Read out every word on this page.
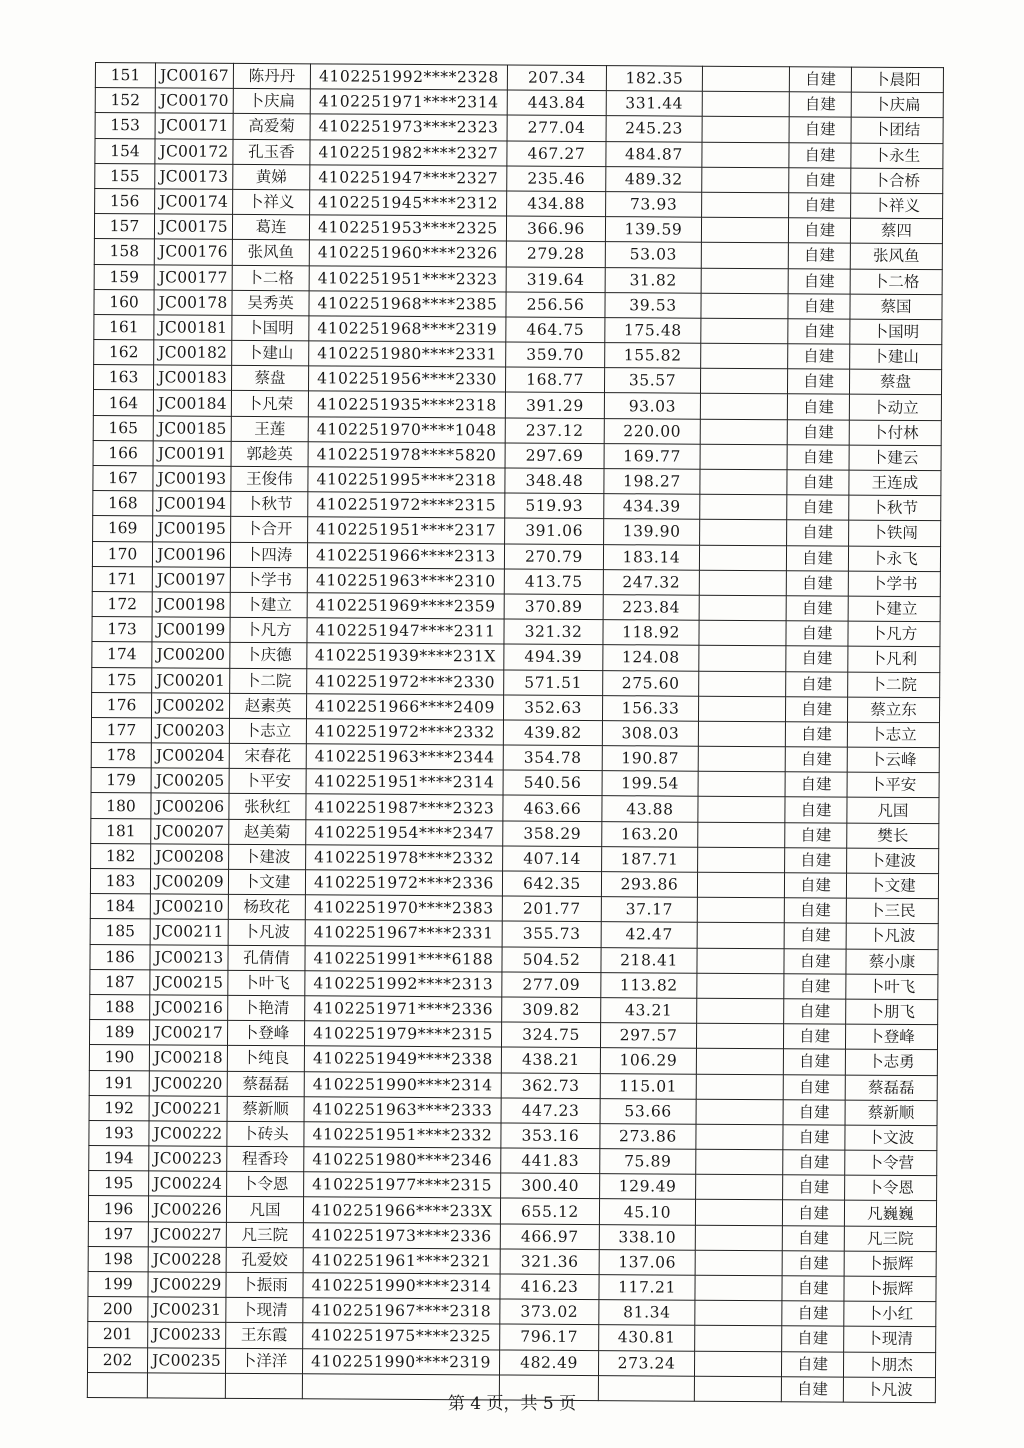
151	JC00167	陈丹丹	4102251992****2328	207.34	182.35		自建	卜晨阳
152	JC00170	卜庆扁	4102251971****2314	443.84	331.44		自建	卜庆扁
153	JC00171	高爱菊	4102251973****2323	277.04	245.23		自建	卜团结
154	JC00172	孔玉香	4102251982****2327	467.27	484.87		自建	卜永生
155	JC00173	黄娣	4102251947****2327	235.46	489.32		自建	卜合桥
156	JC00174	卜祥义	4102251945****2312	434.88	73.93		自建	卜祥义
157	JC00175	葛连	4102251953****2325	366.96	139.59		自建	蔡四
158	JC00176	张风鱼	4102251960****2326	279.28	53.03		自建	张风鱼
159	JC00177	卜二格	4102251951****2323	319.64	31.82		自建	卜二格
160	JC00178	吴秀英	4102251968****2385	256.56	39.53		自建	蔡国
161	JC00181	卜国明	4102251968****2319	464.75	175.48		自建	卜国明
162	JC00182	卜建山	4102251980****2331	359.70	155.82		自建	卜建山
163	JC00183	蔡盘	4102251956****2330	168.77	35.57		自建	蔡盘
164	JC00184	卜凡荣	4102251935****2318	391.29	93.03		自建	卜动立
165	JC00185	王莲	4102251970****1048	237.12	220.00		自建	卜付林
166	JC00191	郭趁英	4102251978****5820	297.69	169.77		自建	卜建云
167	JC00193	王俊伟	4102251995****2318	348.48	198.27		自建	王连成
168	JC00194	卜秋节	4102251972****2315	519.93	434.39		自建	卜秋节
169	JC00195	卜合开	4102251951****2317	391.06	139.90		自建	卜铁闯
170	JC00196	卜四涛	4102251966****2313	270.79	183.14		自建	卜永飞
171	JC00197	卜学书	4102251963****2310	413.75	247.32		自建	卜学书
172	JC00198	卜建立	4102251969****2359	370.89	223.84		自建	卜建立
173	JC00199	卜凡方	4102251947****2311	321.32	118.92		自建	卜凡方
174	JC00200	卜庆德	4102251939****231X	494.39	124.08		自建	卜凡利
175	JC00201	卜二院	4102251972****2330	571.51	275.60		自建	卜二院
176	JC00202	赵素英	4102251966****2409	352.63	156.33		自建	蔡立东
177	JC00203	卜志立	4102251972****2332	439.82	308.03		自建	卜志立
178	JC00204	宋春花	4102251963****2344	354.78	190.87		自建	卜云峰
179	JC00205	卜平安	4102251951****2314	540.56	199.54		自建	卜平安
180	JC00206	张秋红	4102251987****2323	463.66	43.88		自建	凡国
181	JC00207	赵美菊	4102251954****2347	358.29	163.20		自建	樊长
182	JC00208	卜建波	4102251978****2332	407.14	187.71		自建	卜建波
183	JC00209	卜文建	4102251972****2336	642.35	293.86		自建	卜文建
184	JC00210	杨玫花	4102251970****2383	201.77	37.17		自建	卜三民
185	JC00211	卜凡波	4102251967****2331	355.73	42.47		自建	卜凡波
186	JC00213	孔倩倩	4102251991****6188	504.52	218.41		自建	蔡小康
187	JC00215	卜叶飞	4102251992****2313	277.09	113.82		自建	卜叶飞
188	JC00216	卜艳清	4102251971****2336	309.82	43.21		自建	卜朋飞
189	JC00217	卜登峰	4102251979****2315	324.75	297.57		自建	卜登峰
190	JC00218	卜纯良	4102251949****2338	438.21	106.29		自建	卜志勇
191	JC00220	蔡磊磊	4102251990****2314	362.73	115.01		自建	蔡磊磊
192	JC00221	蔡新顺	4102251963****2333	447.23	53.66		自建	蔡新顺
193	JC00222	卜砖头	4102251951****2332	353.16	273.86		自建	卜文波
194	JC00223	程香玲	4102251980****2346	441.83	75.89		自建	卜令营
195	JC00224	卜令恩	4102251977****2315	300.40	129.49		自建	卜令恩
196	JC00226	凡国	4102251966****233X	655.12	45.10		自建	凡巍巍
197	JC00227	凡三院	4102251973****2336	466.97	338.10		自建	凡三院
198	JC00228	孔爱姣	4102251961****2321	321.36	137.06		自建	卜振辉
199	JC00229	卜振雨	4102251990****2314	416.23	117.21		自建	卜振辉
200	JC00231	卜现清	4102251967****2318	373.02	81.34		自建	卜小红
201	JC00233	王东霞	4102251975****2325	796.17	430.81		自建	卜现清
202	JC00235	卜洋洋	4102251990****2319	482.49	273.24		自建	卜朋杰
							自建	卜凡波
第 4 页，共 5 页
